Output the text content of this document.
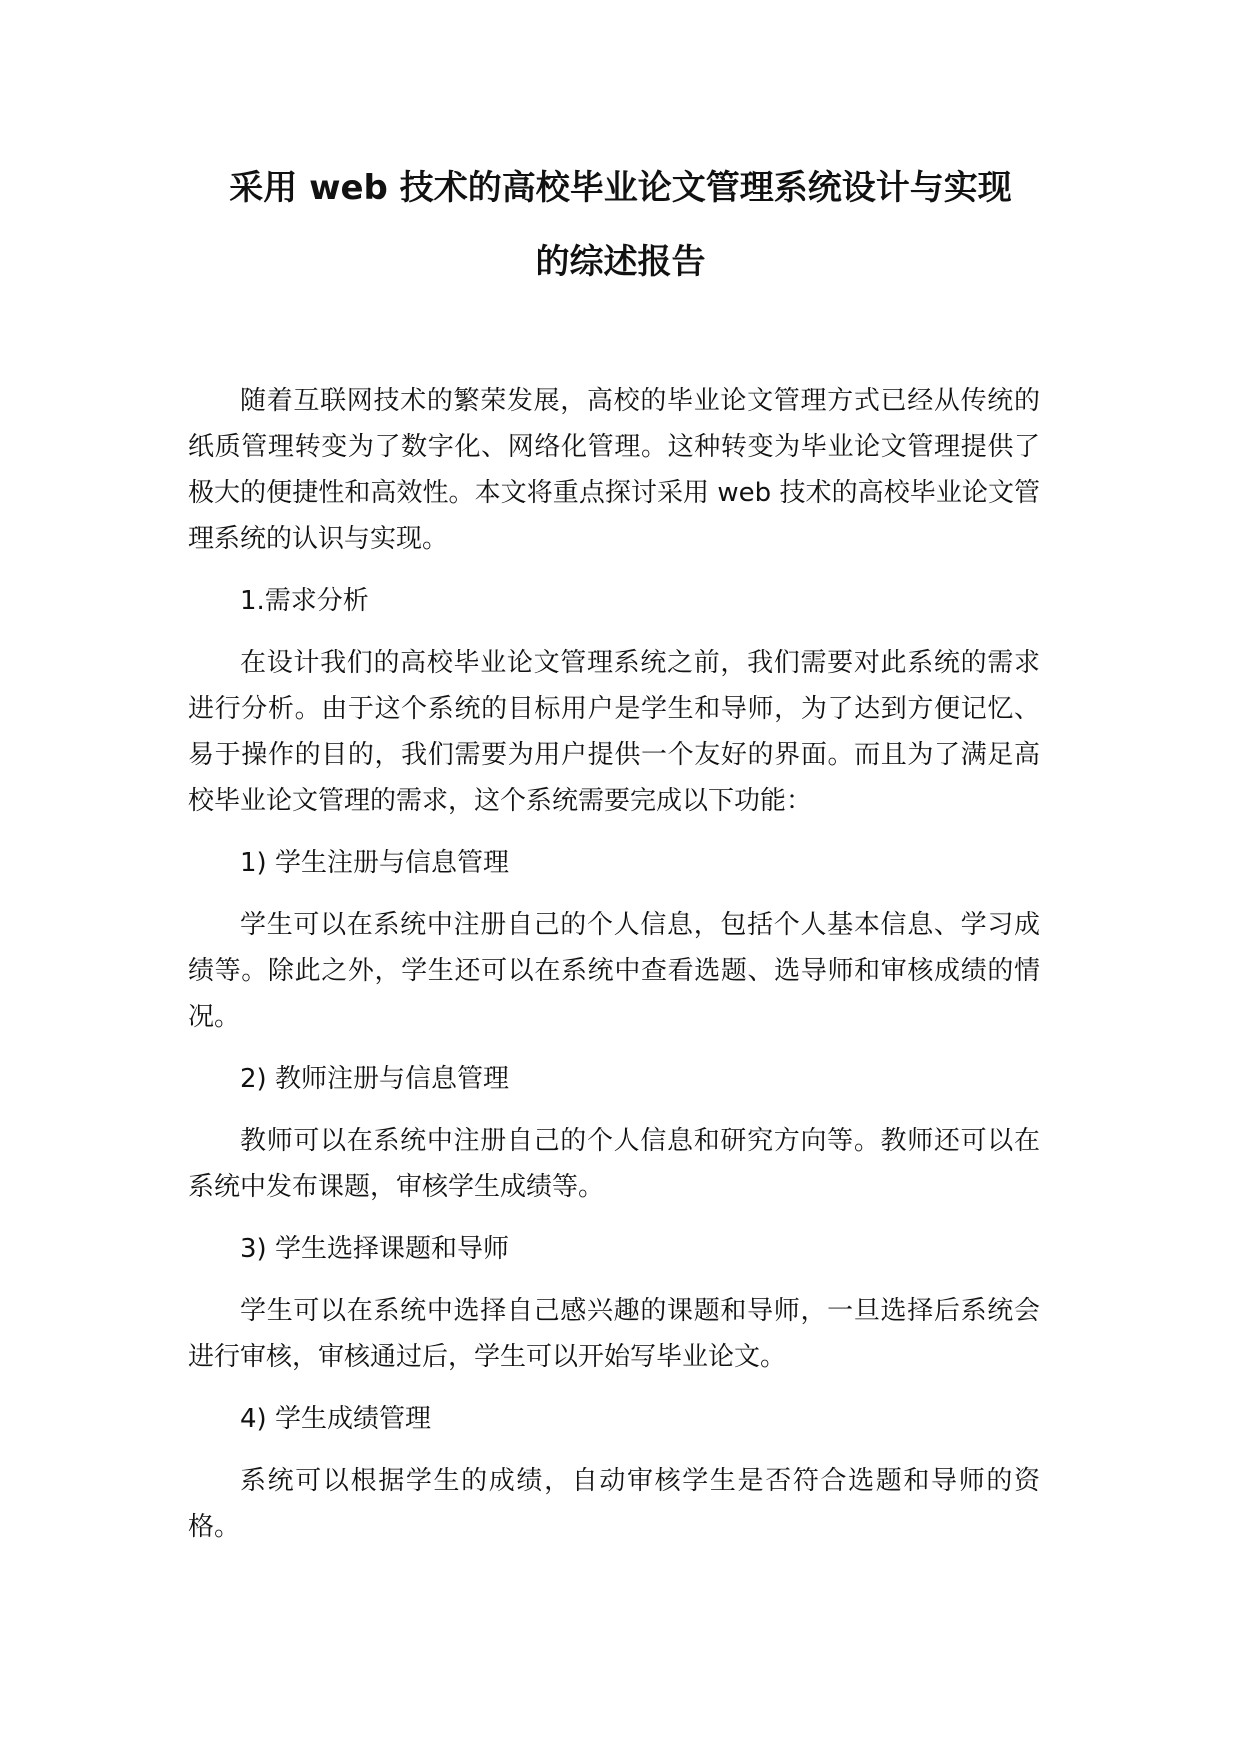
采用 web 技术的高校毕业论文管理系统设计与实现

的综述报告

随着互联网技术的繁荣发展，高校的毕业论文管理方式已经从传统的纸质管理转变为了数字化、网络化管理。这种转变为毕业论文管理提供了极大的便捷性和高效性。本文将重点探讨采用 web 技术的高校毕业论文管理系统的认识与实现。

1.需求分析

在设计我们的高校毕业论文管理系统之前，我们需要对此系统的需求进行分析。由于这个系统的目标用户是学生和导师，为了达到方便记忆、易于操作的目的，我们需要为用户提供一个友好的界面。而且为了满足高校毕业论文管理的需求，这个系统需要完成以下功能：

1) 学生注册与信息管理

学生可以在系统中注册自己的个人信息，包括个人基本信息、学习成绩等。除此之外，学生还可以在系统中查看选题、选导师和审核成绩的情况。

2) 教师注册与信息管理

教师可以在系统中注册自己的个人信息和研究方向等。教师还可以在系统中发布课题，审核学生成绩等。

3) 学生选择课题和导师

学生可以在系统中选择自己感兴趣的课题和导师，一旦选择后系统会进行审核，审核通过后，学生可以开始写毕业论文。

4) 学生成绩管理

系统可以根据学生的成绩，自动审核学生是否符合选题和导师的资格。
